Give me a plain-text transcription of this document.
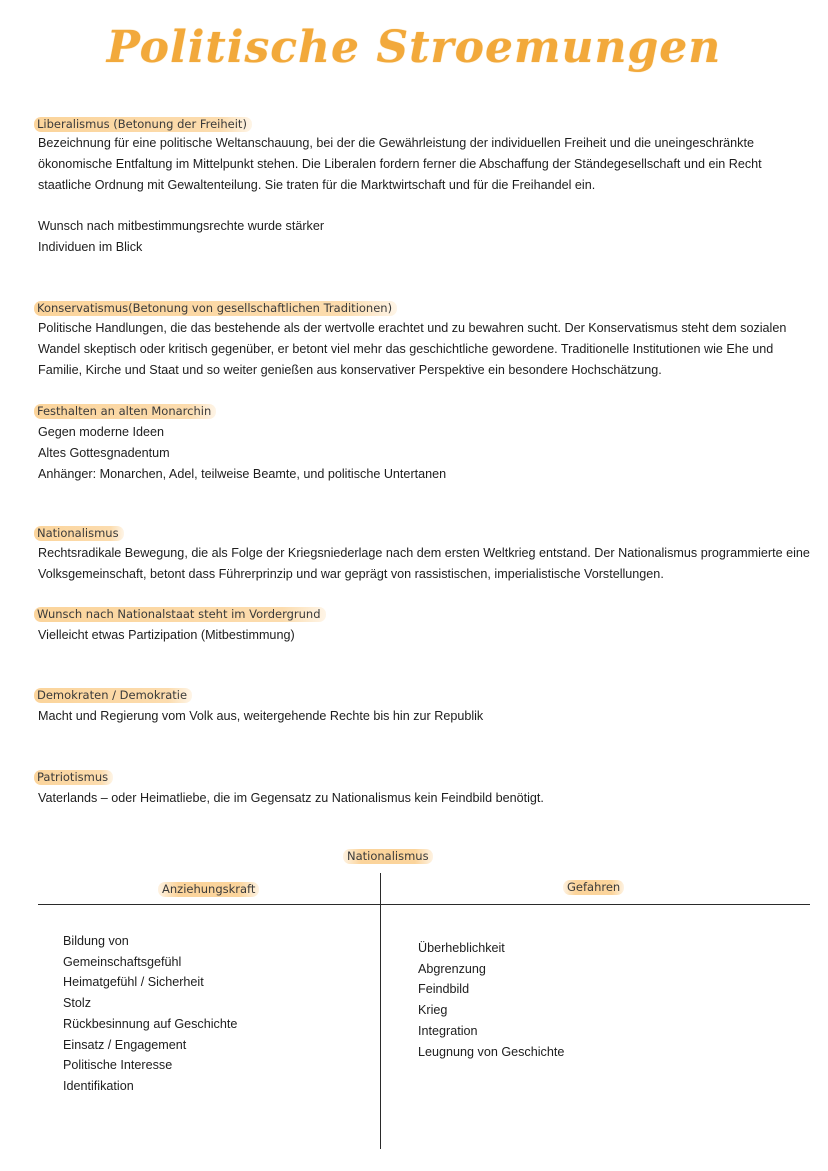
Politische Stroemungen
Liberalismus (Betonung der Freiheit)
Bezeichnung für eine politische Weltanschauung, bei der die Gewährleistung der individuellen Freiheit und die uneingeschränkte
ökonomische Entfaltung im Mittelpunkt stehen. Die Liberalen fordern ferner die Abschaffung der Ständegesellschaft und ein Recht
staatliche Ordnung mit Gewaltenteilung. Sie traten für die Marktwirtschaft und für die Freihandel ein.
Wunsch nach mitbestimmungsrechte wurde stärker
Individuen im Blick
Konservatismus(Betonung von gesellschaftlichen Traditionen)
Politische Handlungen, die das bestehende als der wertvolle erachtet und zu bewahren sucht. Der Konservatismus steht dem sozialen
Wandel skeptisch oder kritisch gegenüber, er betont viel mehr das geschichtliche gewordene. Traditionelle Institutionen wie Ehe und
Familie, Kirche und Staat und so weiter genießen aus konservativer Perspektive ein besondere Hochschätzung.
Festhalten an alten Monarchin
Gegen moderne Ideen
Altes Gottesgnadentum
Anhänger: Monarchen, Adel, teilweise Beamte, und politische Untertanen
Nationalismus
Rechtsradikale Bewegung, die als Folge der Kriegsniederlage nach dem ersten Weltkrieg entstand. Der Nationalismus programmierte eine
Volksgemeinschaft, betont dass Führerprinzip und war geprägt von rassistischen, imperialistische Vorstellungen.
Wunsch nach Nationalstaat steht im Vordergrund
Vielleicht etwas Partizipation (Mitbestimmung)
Demokraten / Demokratie
Macht und Regierung vom Volk aus, weitergehende Rechte bis hin zur Republik
Patriotismus
Vaterlands – oder Heimatliebe, die im Gegensatz zu Nationalismus kein Feindbild benötigt.
Nationalismus
Anziehungskraft	Gefahren
Bildung von
Gemeinschaftsgefühl
Heimatgefühl / Sicherheit
Stolz
Rückbesinnung auf Geschichte
Einsatz / Engagement
Politische Interesse
Identifikation
Überheblichkeit
Abgrenzung
Feindbild
Krieg
Integration
Leugnung von Geschichte
